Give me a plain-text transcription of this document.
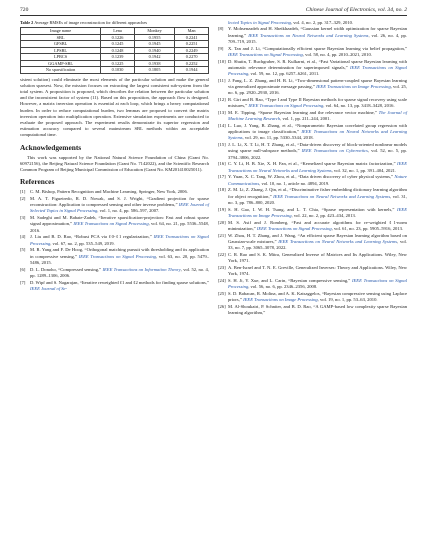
720	Chinese Journal of Electronics, vol. 34, no. 2
Table 2 Average RMSEs of image reconstruction for different approaches
Image name	Lena	Monkey	Man
SBL	0.1226	0.1955	0.2241
GFSBL	0.1245	0.1945	0.2251
LPSBL	0.1248	0.1940	0.2249
LPBCS	0.1239	0.1942	0.2270
GGAMP-SBL	0.1225	0.1938	0.2252
No sparsification	0.1030	0.1805	0.1944

sistent solution) could eliminate the most elements of the particular solution and make the general solution sparsest. Now, the mission focuses on extracting the largest consistent sub-system from the total system. A proposition is proposed, which describes the relation between the particular solution and the inconsistent factor of system (11). Based on this proposition, the approach flow is designed. However, a matrix inversion operation is essential at each loop, which brings a heavy computational burden. In order to reduce computational burden, two lemmas are proposed to convert the matrix inversion operation into multiplication operation. Extensive simulation experiments are conducted to evaluate the proposed approach. The experiment results demonstrate its superior regression and estimation accuracy compared to several mainstream SBL methods within an acceptable computational time.

Acknowledgements

This work was supported by the National Natural Science Foundation of China (Grant No. 60972156), the Beijing Natural Science Foundation (Grant No. 7142022), and the Scientific Research Common Program of Beijing Municipal Commission of Education (Grant No. KM201410025011).

References
[1]	C. M. Bishop, Pattern Recognition and Machine Learning. Springer, New York, 2006.
[2]	M. A. T. Figueiredo, R. D. Nowak, and S. J. Wright, “Gradient projection for sparse reconstruction: Application to compressed sensing and other inverse problems,” IEEE Journal of Selected Topics in Signal Processing, vol. 1, no. 4, pp. 586–597, 2007.
[3]	M. Sadeghi and M. Babaie-Zadeh, “Iterative sparsification-projection: Fast and robust sparse signal approximation,” IEEE Transactions on Signal Processing, vol. 64, no. 21, pp. 5536–5548, 2016.
[4]	J. Liu and B. D. Rao, “Robust PCA via ℓ0-ℓ1 regularization,” IEEE Transactions on Signal Processing, vol. 67, no. 2, pp. 535–549, 2019.
[5]	M. R. Yang and F. De Hoog, “Orthogonal matching pursuit with thresholding and its application in compressive sensing,” IEEE Transactions on Signal Processing, vol. 63, no. 20, pp. 5479–5486, 2015.
[6]	D. L. Donoho, “Compressed sensing,” IEEE Transactions on Information Theory, vol. 52, no. 4, pp. 1289–1306, 2006.
[7]	D. Wipf and S. Nagarajan, “Iterative reweighted ℓ1 and ℓ2 methods for finding sparse solutions,” IEEE Journal of Se-
lected Topics in Signal Processing, vol. 4, no. 2, pp. 317–329, 2010.
[8]	Y. Mohsenzadeh and H. Sheikhzadeh, “Gaussian kernel width optimization for sparse Bayesian learning,” IEEE Transactions on Neural Networks and Learning Systems, vol. 26, no. 4, pp. 709–719, 2015.
[9]	X. Tan and J. Li, “Computationally efficient sparse Bayesian learning via belief propagation,” IEEE Transactions on Signal Processing, vol. 58, no. 4, pp. 2010–2021, 2010.
[10] D. Shutin, T. Buchgraber, S. R. Kulkarni, et al., “Fast Variational sparse Bayesian learning with automatic relevance determination for superimposed signals,” IEEE Transactions on Signal Processing, vol. 59, no. 12, pp. 6257–6261, 2011.
[11] J. Fang, L. Z. Zhang, and H. B. Li, “Two-dimensional pattern-coupled sparse Bayesian learning via generalized approximate message passing,” IEEE Transactions on Image Processing, vol. 25, no. 6, pp. 2920–2930, 2016.
[12] R. Giri and B. Rao, “Type I and Type II Bayesian methods for sparse signal recovery using scale mixtures,” IEEE Transactions on Signal Processing, vol. 64, no. 13, pp. 3418–3428, 2016.
[13] M. E. Tipping, “Sparse Bayesian learning and the relevance vector machine,” The Journal of Machine Learning Research, vol. 1, pp. 211–244, 2001.
[14] L. Luo, J. Yang, B. Zhang, et al., “Nonparametric Bayesian correlated group regression with applications to image classification,” IEEE Transactions on Neural Networks and Learning Systems, vol. 29, no. 11, pp. 5330–5344, 2018.
[15] J. L. Li, X. T. Li, H. T. Zhang, et al., “Data-driven discovery of block-oriented nonlinear models using sparse null-subspace methods,” IEEE Transactions on Cybernetics, vol. 52, no. 5, pp. 3794–3806, 2022.
[16] C. Y. Li, H. B. Xie, X. H. Fan, et al., “Kernelized sparse Bayesian matrix factorization,” IEEE Transactions on Neural Networks and Learning Systems, vol. 32, no. 1, pp. 391–404, 2021.
[17] Y. Yuan, X. C. Tang, W. Zhou, et al., “Data driven discovery of cyber physical systems,” Nature Communications, vol. 10, no. 1, article no. 4894, 2019.
[18] Z. M. Li, Z. Zhang, J. Qin, et al., “Discriminative fisher embedding dictionary learning algorithm for object recognition,” IEEE Transactions on Neural Networks and Learning Systems, vol. 31, no. 3, pp. 786–800, 2020.
[19] S. H. Gao, I. W. H. Tsang, and L. T. Chia, “Sparse representation with kernels,” IEEE Transactions on Image Processing, vol. 22, no. 2, pp. 423–434, 2013.
[20] M. S. Asif and J. Romberg, “Fast and accurate algorithms for re-weighted ℓ1-norm minimization,” IEEE Transactions on Signal Processing, vol. 61, no. 23, pp. 5905–5916, 2013.
[21] W. Zhou, H. T. Zhang, and J. Wang, “An efficient sparse Bayesian learning algorithm based on Gaussian-scale mixtures,” IEEE Transactions on Neural Networks and Learning Systems, vol. 33, no. 7, pp. 3065–3078, 2022.
[22] C. R. Rao and S. K. Mitra, Generalized Inverse of Matrices and Its Applications. Wiley, New York, 1971.
[23] A. Ben-Israel and T. N. E. Greville, Generalized Inverses: Theory and Applications. Wiley, New York, 1974.
[24] S. H. Ji, Y. Xue, and L. Carin, “Bayesian compressive sensing,” IEEE Transactions on Signal Processing, vol. 56, no. 6, pp. 2346–2356, 2008.
[25] S. D. Babacan, R. Molina, and A. K. Katsaggelos, “Bayesian compressive sensing using Laplace priors,” IEEE Transactions on Image Processing, vol. 19, no. 1, pp. 53–63, 2010.
[26] M. Al-Shoukairi, P. Schniter, and B. D. Rao, “A GAMP-based low complexity sparse Bayesian learning algorithm,”
